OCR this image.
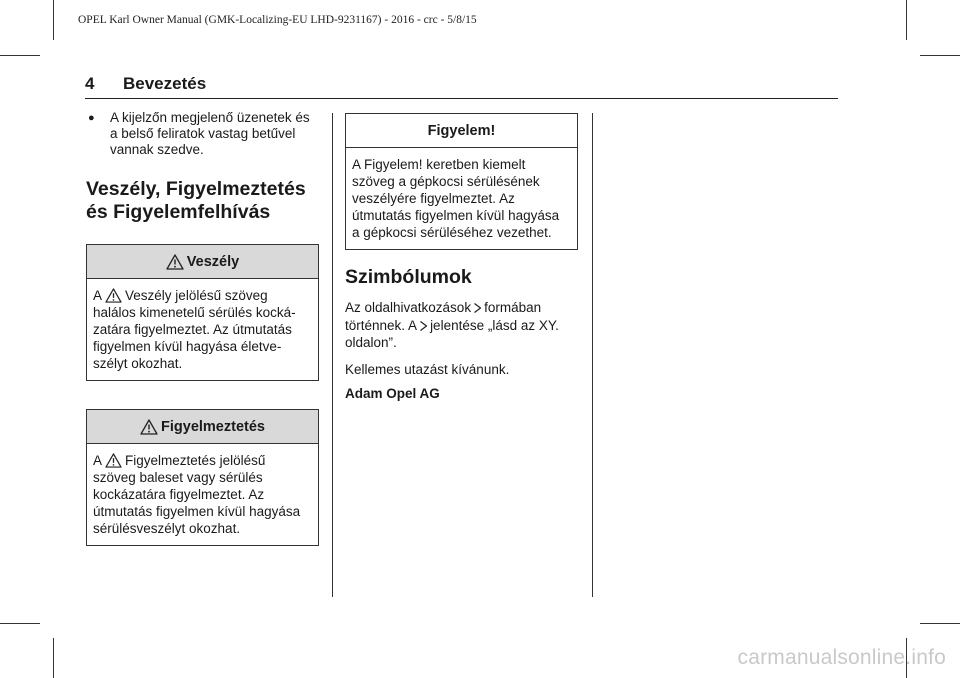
OPEL Karl Owner Manual (GMK-Localizing-EU LHD-9231167) - 2016 - crc - 5/8/15
4 Bevezetés
●	A kijelzőn megjelenő üzenetek és a belső feliratok vastag betűvel vannak szedve.
Veszély, Figyelmeztetés és Figyelemfelhívás
Veszély
A Veszély jelölésű szöveg halálos kimenetelű sérülés kocká-zatára figyelmeztet. Az útmutatás figyelmen kívül hagyása életve-szélyt okozhat.
Figyelmeztetés
A Figyelmeztetés jelölésű szöveg baleset vagy sérülés kockázatára figyelmeztet. Az útmutatás figyelmen kívül hagyása sérülésveszélyt okozhat.
Figyelem!
A Figyelem! keretben kiemelt szöveg a gépkocsi sérülésének veszélyére figyelmeztet. Az útmutatás figyelmen kívül hagyása a gépkocsi sérüléséhez vezethet.
Szimbólumok

Az oldalhivatkozások formában történnek. A jelentése „lásd az XY. oldalon”.

Kellemes utazást kívánunk.

Adam Opel AG

carmanualsonline.info
